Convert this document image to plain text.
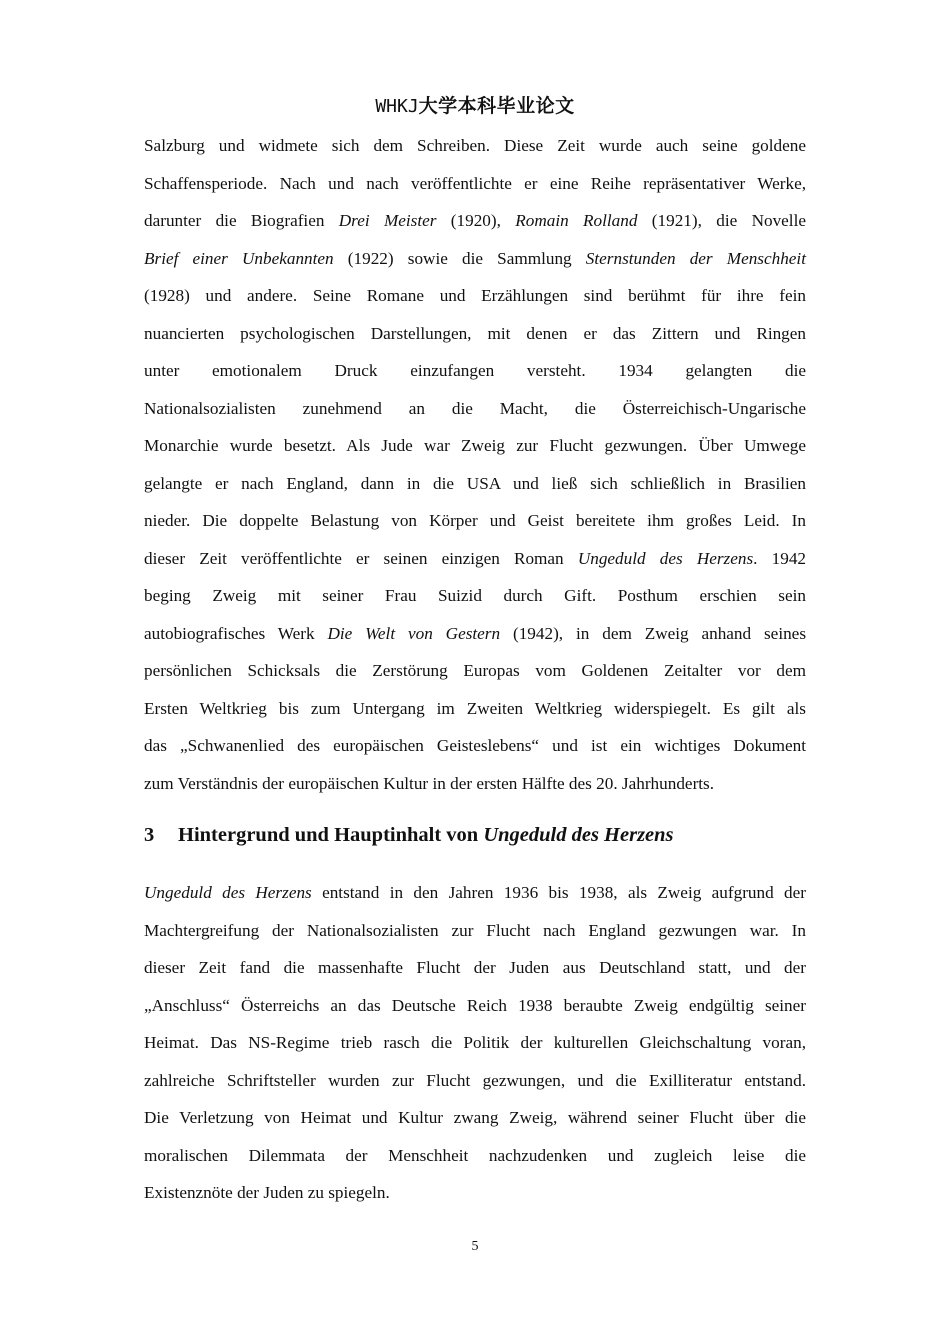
WHKJ大学本科毕业论文
Salzburg und widmete sich dem Schreiben. Diese Zeit wurde auch seine goldene
Schaffensperiode. Nach und nach veröffentlichte er eine Reihe repräsentativer Werke,
darunter die Biografien Drei Meister (1920), Romain Rolland (1921), die Novelle
Brief einer Unbekannten (1922) sowie die Sammlung Sternstunden der Menschheit
(1928) und andere. Seine Romane und Erzählungen sind berühmt für ihre fein
nuancierten psychologischen Darstellungen, mit denen er das Zittern und Ringen
unter emotionalem Druck einzufangen versteht. 1934 gelangten die
Nationalsozialisten zunehmend an die Macht, die Österreichisch-Ungarische
Monarchie wurde besetzt. Als Jude war Zweig zur Flucht gezwungen. Über Umwege
gelangte er nach England, dann in die USA und ließ sich schließlich in Brasilien
nieder. Die doppelte Belastung von Körper und Geist bereitete ihm großes Leid. In
dieser Zeit veröffentlichte er seinen einzigen Roman Ungeduld des Herzens. 1942
beging Zweig mit seiner Frau Suizid durch Gift. Posthum erschien sein
autobiografisches Werk Die Welt von Gestern (1942), in dem Zweig anhand seines
persönlichen Schicksals die Zerstörung Europas vom Goldenen Zeitalter vor dem
Ersten Weltkrieg bis zum Untergang im Zweiten Weltkrieg widerspiegelt. Es gilt als
das „Schwanenlied des europäischen Geisteslebens“ und ist ein wichtiges Dokument
zum Verständnis der europäischen Kultur in der ersten Hälfte des 20. Jahrhunderts.
3 Hintergrund und Hauptinhalt von Ungeduld des Herzens
Ungeduld des Herzens entstand in den Jahren 1936 bis 1938, als Zweig aufgrund der
Machtergreifung der Nationalsozialisten zur Flucht nach England gezwungen war. In
dieser Zeit fand die massenhafte Flucht der Juden aus Deutschland statt, und der
„Anschluss“ Österreichs an das Deutsche Reich 1938 beraubte Zweig endgültig seiner
Heimat. Das NS-Regime trieb rasch die Politik der kulturellen Gleichschaltung voran,
zahlreiche Schriftsteller wurden zur Flucht gezwungen, und die Exilliteratur entstand.
Die Verletzung von Heimat und Kultur zwang Zweig, während seiner Flucht über die
moralischen Dilemmata der Menschheit nachzudenken und zugleich leise die
Existenznöte der Juden zu spiegeln.
5
